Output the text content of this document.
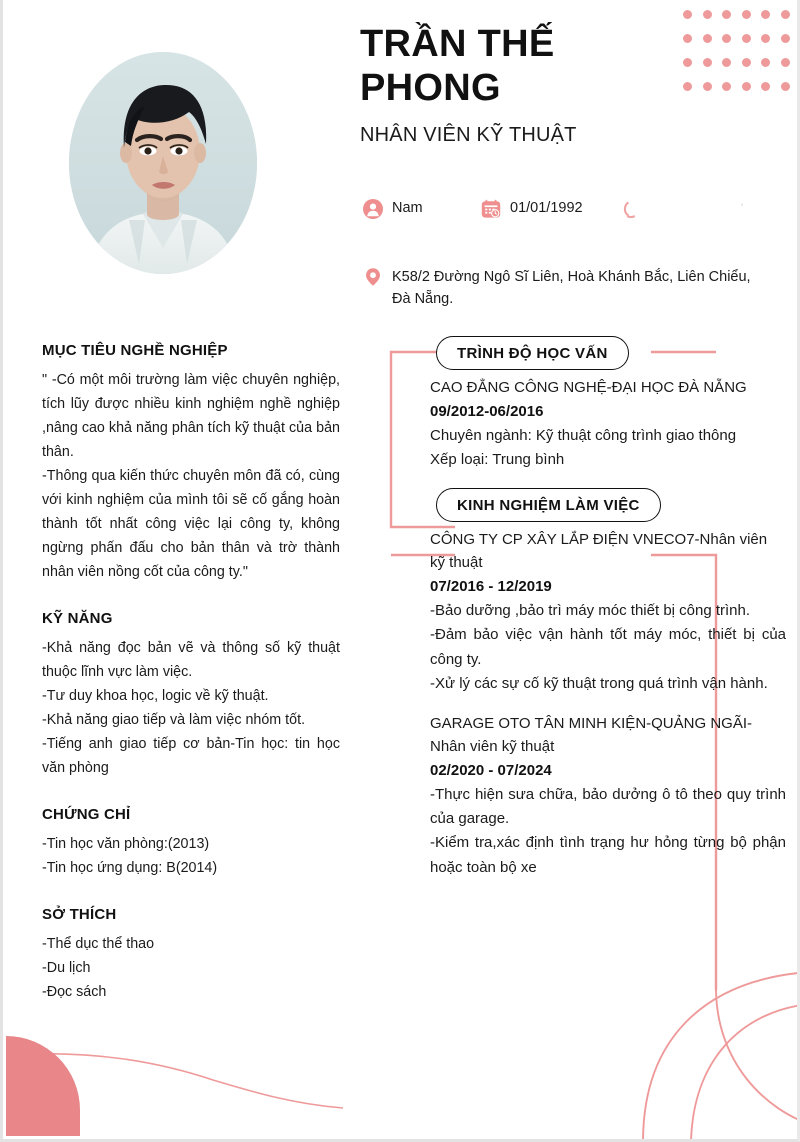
TRẦN THẾ PHONG
NHÂN VIÊN KỸ THUẬT
Nam	01/01/1992	'
K58/2 Đường Ngô Sĩ Liên, Hoà Khánh Bắc, Liên Chiểu, Đà Nẵng.
MỤC TIÊU NGHỀ NGHIỆP

" -Có một môi trường làm việc chuyên nghiệp, tích lũy được nhiều kinh nghiệm nghề nghiệp ,nâng cao khả năng phân tích kỹ thuật của bản thân.

-Thông qua kiến thức chuyên môn đã có, cùng với kinh nghiệm của mình tôi sẽ cố gắng hoàn thành tốt nhất công việc lại công ty, không ngừng phấn đấu cho bản thân và trờ thành nhân viên nồng cốt của công ty."

KỸ NĂNG

-Khả năng đọc bản vẽ và thông số kỹ thuật thuộc lĩnh vực làm việc.

-Tư duy khoa học, logic về kỹ thuật.

-Khả năng giao tiếp và làm việc nhóm tốt.

-Tiếng anh giao tiếp cơ bản-Tin học: tin học văn phòng

CHỨNG CHỈ

-Tin học văn phòng:(2013)

-Tin học ứng dụng: B(2014)

SỞ THÍCH

-Thể dục thể thao

-Du lịch

-Đọc sách

TRÌNH ĐỘ HỌC VẤN

CAO ĐẲNG CÔNG NGHỆ-ĐẠI HỌC ĐÀ NẴNG

09/2012-06/2016

Chuyên ngành: Kỹ thuật công trình giao thông

Xếp loại: Trung bình

KINH NGHIỆM LÀM VIỆC

CÔNG TY CP XÂY LẮP ĐIỆN VNECO7-Nhân viên kỹ thuật

07/2016 - 12/2019

-Bảo dưỡng ,bảo trì máy móc thiết bị công trình.

-Đảm bảo việc vận hành tốt máy móc, thiết bị của công ty.

-Xử lý các sự cố kỹ thuật trong quá trình vận hành.

GARAGE OTO TÂN MINH KIỆN-QUẢNG NGÃI-Nhân viên kỹ thuật

02/2020 - 07/2024

-Thực hiện sưa chữa, bảo dưởng ô tô theo quy trình của garage.

-Kiểm tra,xác định tình trạng hư hỏng từng bộ phận hoặc toàn bộ xe
